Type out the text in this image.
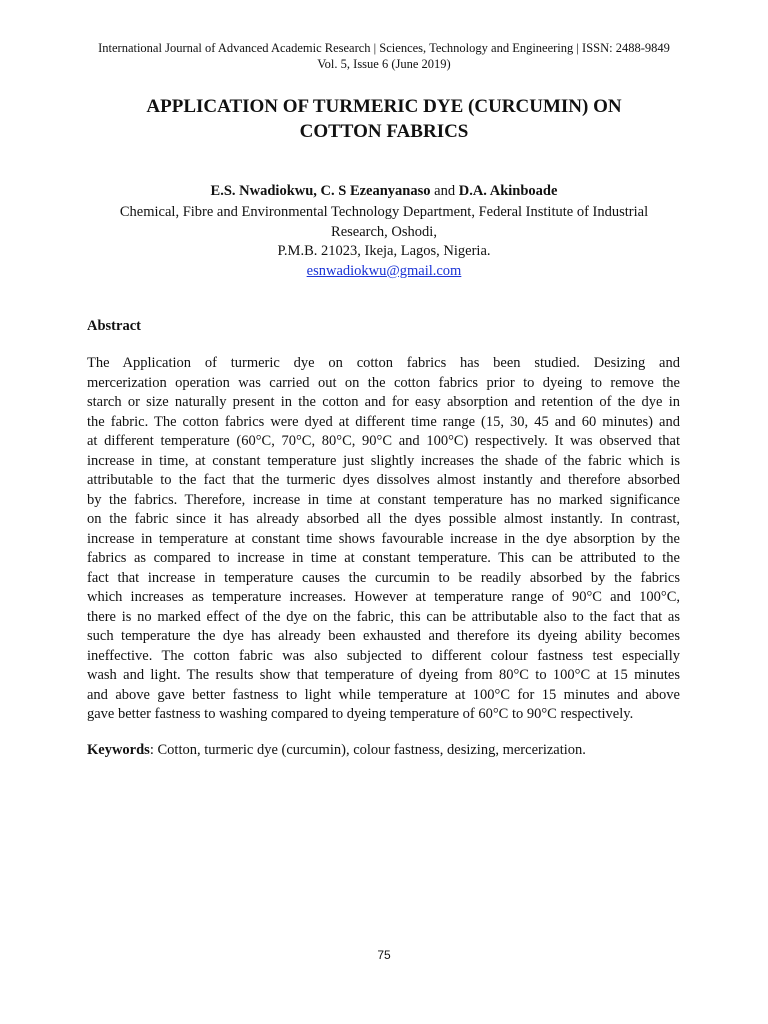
International Journal of Advanced Academic Research | Sciences, Technology and Engineering | ISSN: 2488-9849
Vol. 5, Issue 6 (June 2019)
APPLICATION OF TURMERIC DYE (CURCUMIN) ON
COTTON FABRICS
E.S. Nwadiokwu, C. S Ezeanyanaso and D.A. Akinboade
Chemical, Fibre and Environmental Technology Department, Federal Institute of Industrial
Research, Oshodi,
P.M.B. 21023, Ikeja, Lagos, Nigeria.
esnwadiokwu@gmail.com
Abstract
The Application of turmeric dye on cotton fabrics has been studied. Desizing and
mercerization operation was carried out on the cotton fabrics prior to dyeing to remove the
starch or size naturally present in the cotton and for easy absorption and retention of the dye in
the fabric. The cotton fabrics were dyed at different time range (15, 30, 45 and 60 minutes) and
at different temperature (60°C, 70°C, 80°C, 90°C and 100°C) respectively. It was observed that
increase in time, at constant temperature just slightly increases the shade of the fabric which is
attributable to the fact that the turmeric dyes dissolves almost instantly and therefore absorbed
by the fabrics. Therefore, increase in time at constant temperature has no marked significance
on the fabric since it has already absorbed all the dyes possible almost instantly. In contrast,
increase in temperature at constant time shows favourable increase in the dye absorption by the
fabrics as compared to increase in time at constant temperature. This can be attributed to the
fact that increase in temperature causes the curcumin to be readily absorbed by the fabrics
which increases as temperature increases. However at temperature range of 90°C and 100°C,
there is no marked effect of the dye on the fabric, this can be attributable also to the fact that as
such temperature the dye has already been exhausted and therefore its dyeing ability becomes
ineffective. The cotton fabric was also subjected to different colour fastness test especially
wash and light. The results show that temperature of dyeing from 80°C to 100°C at 15 minutes
and above gave better fastness to light while temperature at 100°C for 15 minutes and above
gave better fastness to washing compared to dyeing temperature of 60°C to 90°C respectively.
Keywords: Cotton, turmeric dye (curcumin), colour fastness, desizing, mercerization.
75
